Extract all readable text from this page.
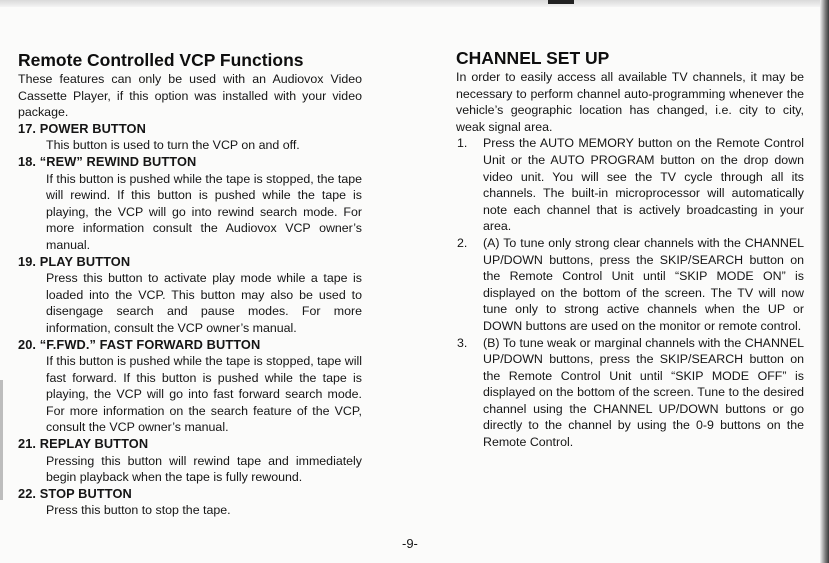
Remote Controlled VCP Functions

These features can only be used with an Audiovox Video Cassette Player, if this option was installed with your video package.

17. POWER BUTTON

This button is used to turn the VCP on and off.

18. “REW” REWIND BUTTON

If this button is pushed while the tape is stopped, the tape will rewind. If this button is pushed while the tape is playing, the VCP will go into rewind search mode. For more information consult the Audiovox VCP owner’s manual.

19. PLAY BUTTON

Press this button to activate play mode while a tape is loaded into the VCP. This button may also be used to disengage search and pause modes. For more information, consult the VCP owner’s manual.

20. “F.FWD.” FAST FORWARD BUTTON

If this button is pushed while the tape is stopped, tape will fast forward. If this button is pushed while the tape is playing, the VCP will go into fast forward search mode. For more information on the search feature of the VCP, consult the VCP owner’s manual.

21. REPLAY BUTTON

Pressing this button will rewind tape and immediately begin playback when the tape is fully rewound.

22. STOP BUTTON

Press this button to stop the tape.

CHANNEL SET UP

In order to easily access all available TV channels, it may be necessary to perform channel auto-programming whenever the vehicle’s geographic location has changed, i.e. city to city, weak signal area.

1. Press the AUTO MEMORY button on the Remote Control Unit or the AUTO PROGRAM button on the drop down video unit. You will see the TV cycle through all its channels. The built-in microprocessor will automatically note each channel that is actively broadcasting in your area.
2. (A) To tune only strong clear channels with the CHANNEL UP/DOWN buttons, press the SKIP/SEARCH button on the Remote Control Unit until “SKIP MODE ON” is displayed on the bottom of the screen. The TV will now tune only to strong active channels when the UP or DOWN buttons are used on the monitor or remote control.
3. (B) To tune weak or marginal channels with the CHANNEL UP/DOWN buttons, press the SKIP/SEARCH button on the Remote Control Unit until “SKIP MODE OFF” is displayed on the bottom of the screen. Tune to the desired channel using the CHANNEL UP/DOWN buttons or go directly to the channel by using the 0-9 buttons on the Remote Control.
-9-
